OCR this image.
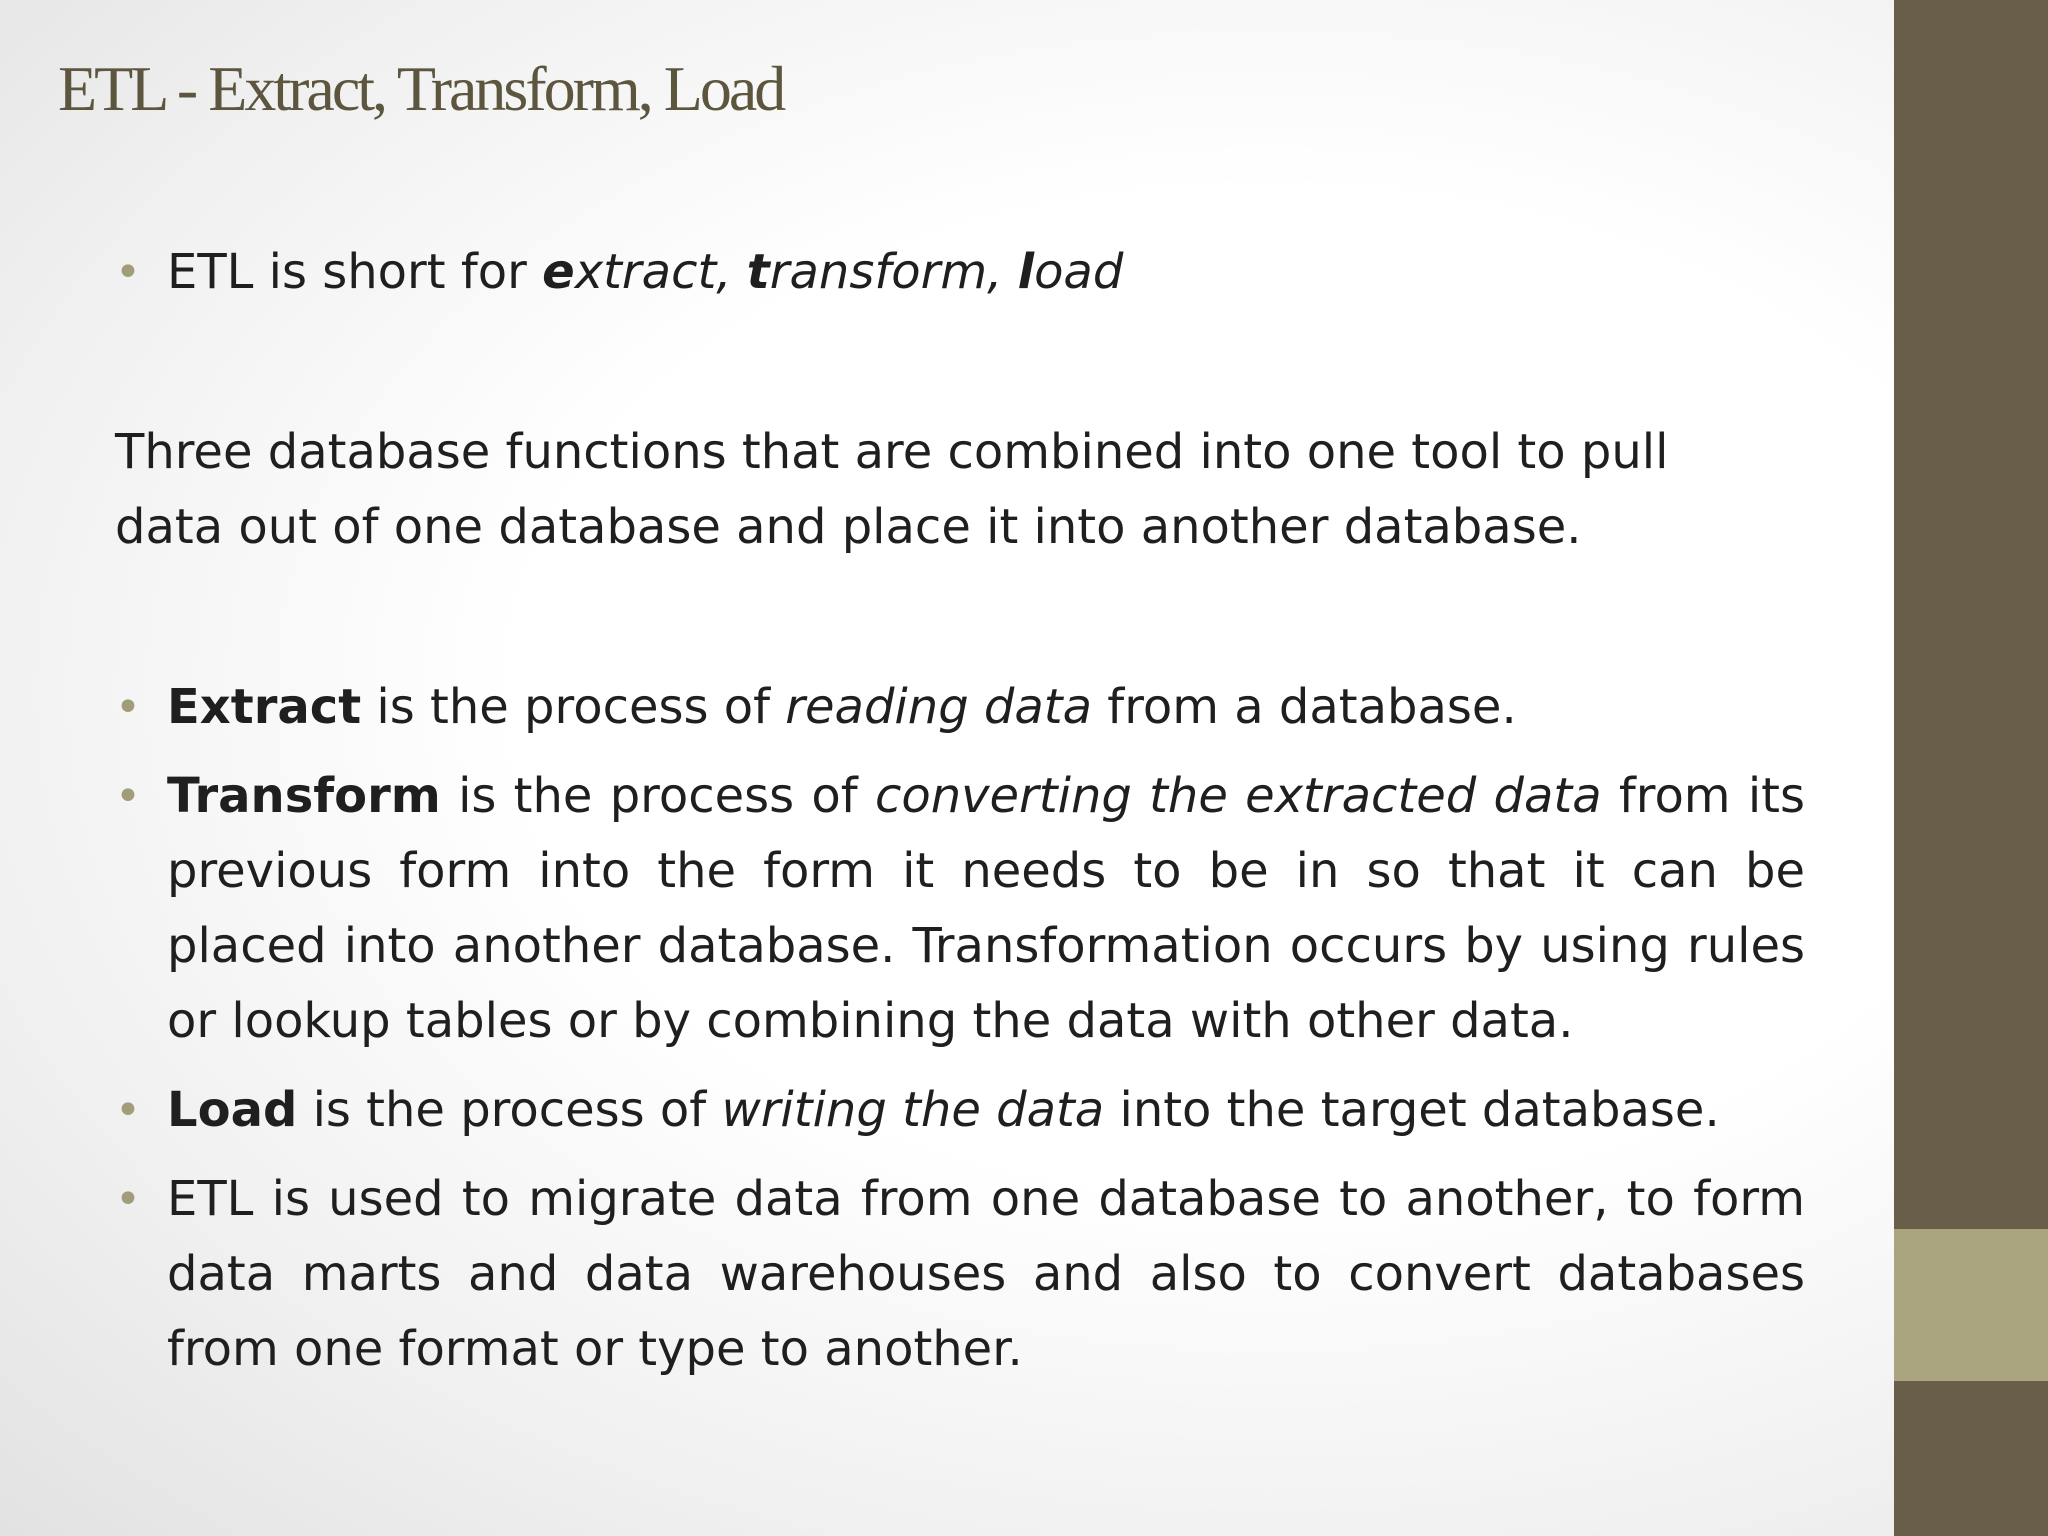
ETL - Extract, Transform, Load

• ETL is short for extract, transform, load

Three database functions that are combined into one tool to pull
data out of one database and place it into another database.

• Extract is the process of reading data from a database.

• Transform is the process of converting the extracted data from its previous form into the form it needs to be in so that it can be placed into another database. Transformation occurs by using rules or lookup tables or by combining the data with other data.

• Load is the process of writing the data into the target database.

• ETL is used to migrate data from one database to another, to form data marts and data warehouses and also to convert databases from one format or type to another.
